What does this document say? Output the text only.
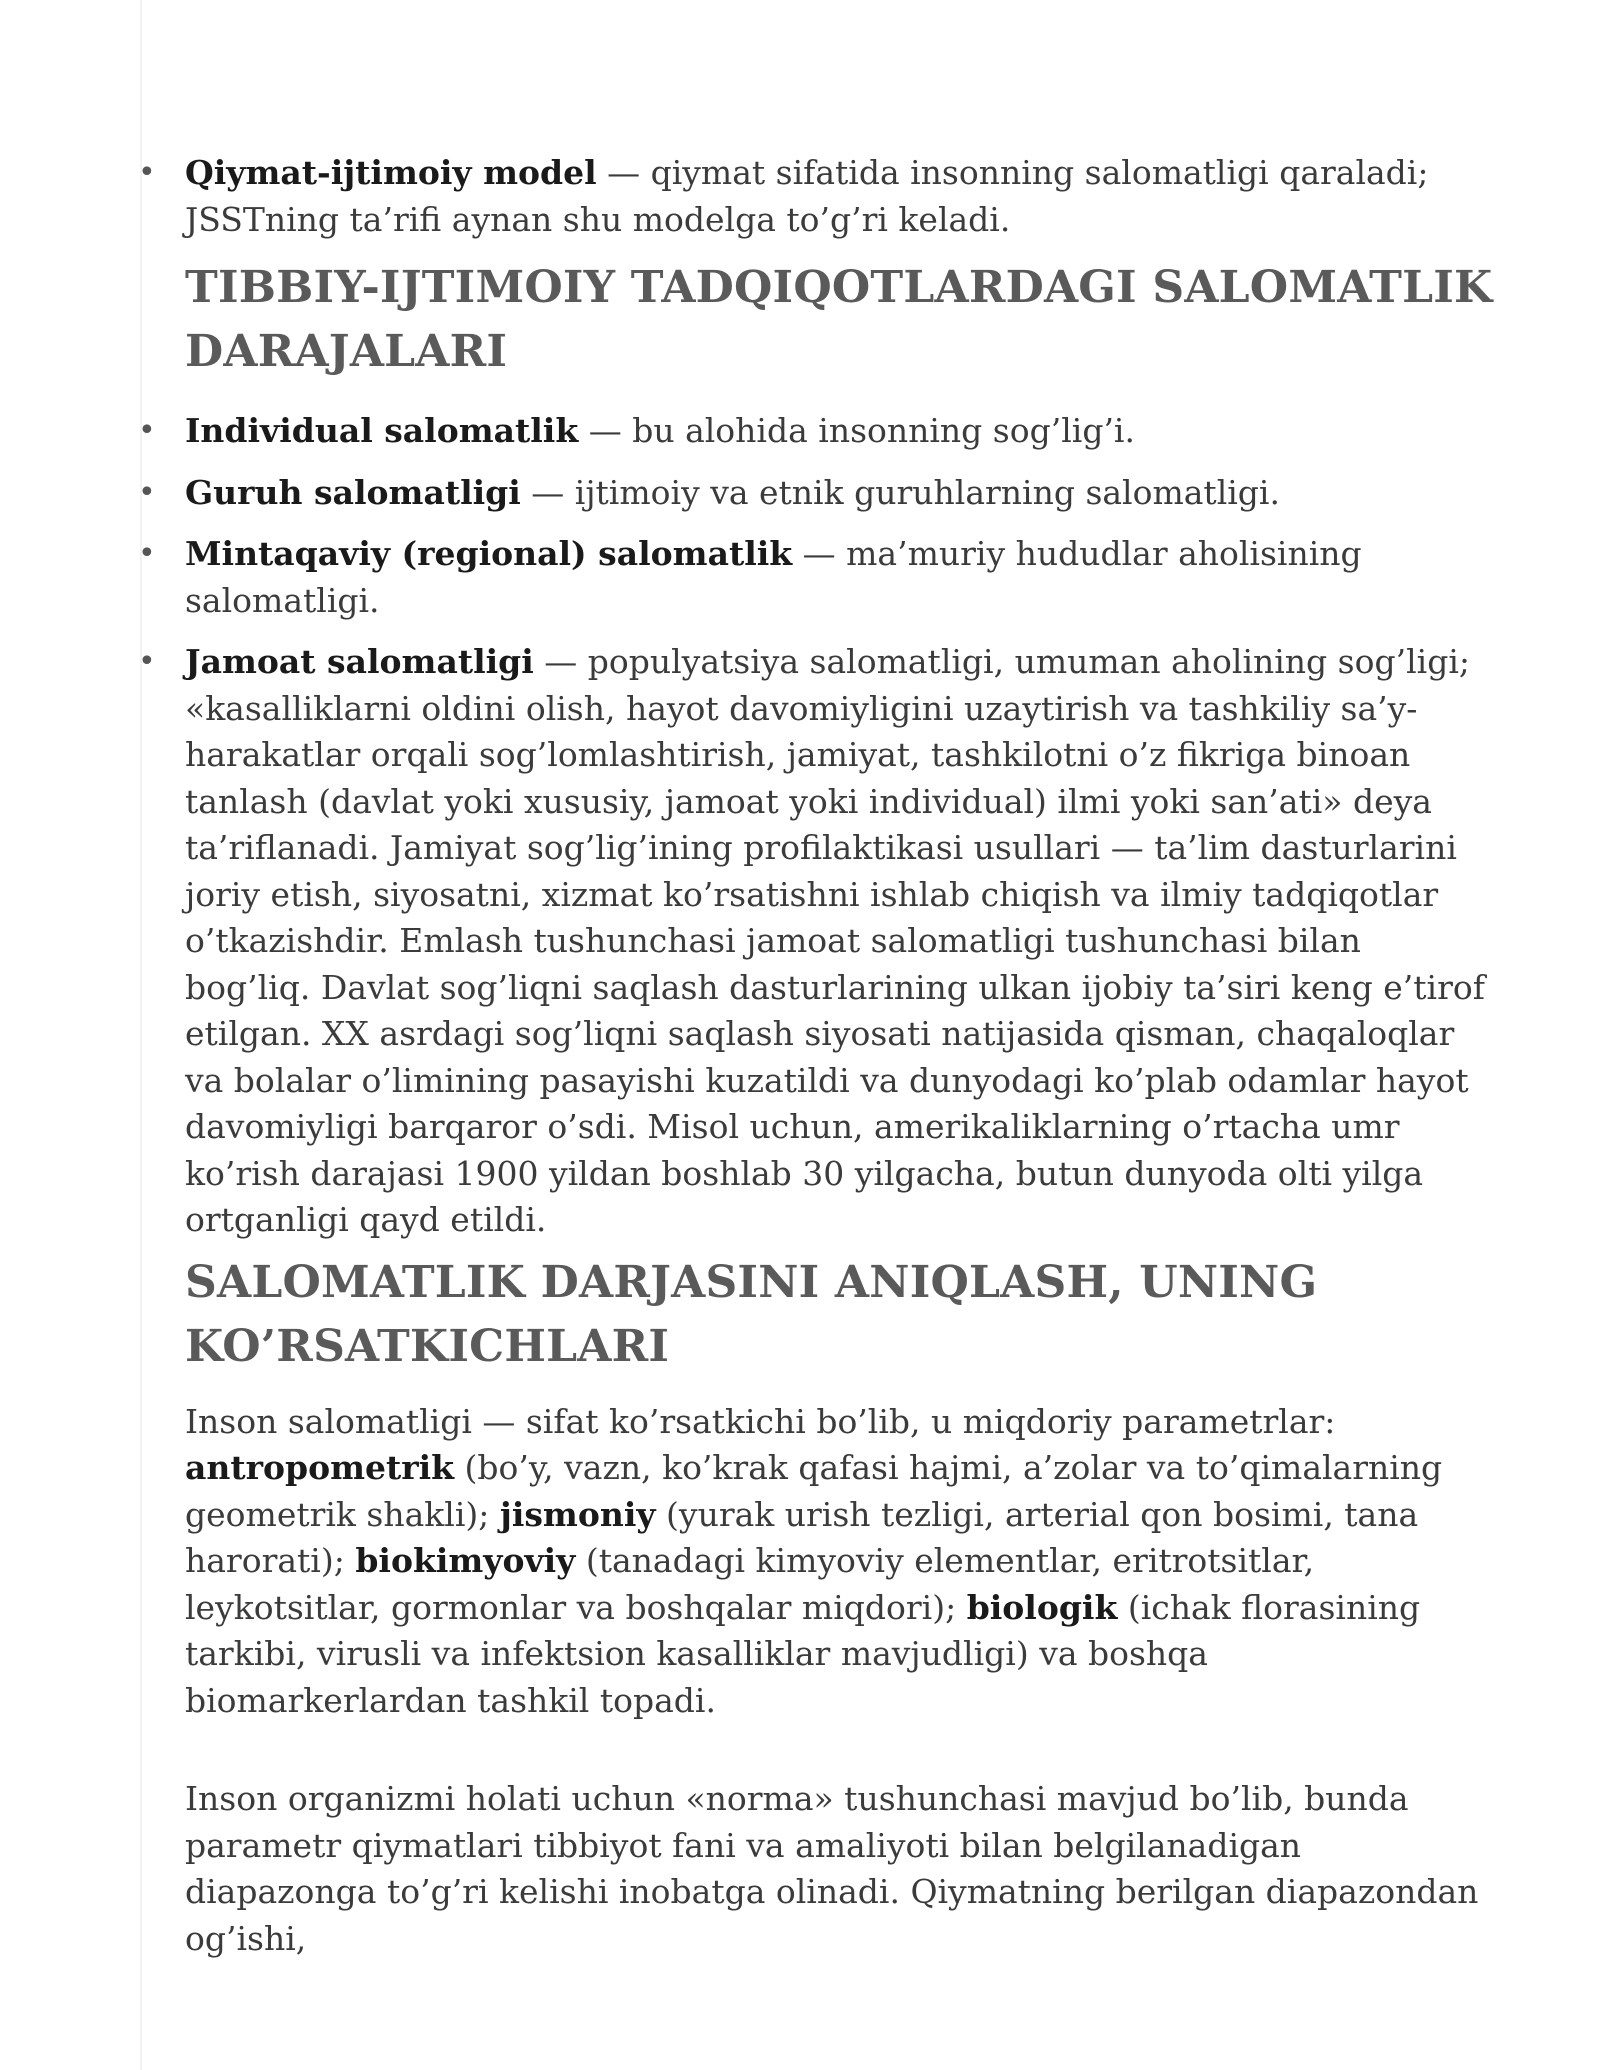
• Qiymat-ijtimoiy model — qiymat sifatida insonning salomatligi qaraladi; JSSTning ta’rifi aynan shu modelga to’g’ri keladi.
TIBBIY-IJTIMOIY TADQIQOTLARDAGI SALOMATLIK DARAJALARI
• Individual salomatlik — bu alohida insonning sog’lig’i.
• Guruh salomatligi — ijtimoiy va etnik guruhlarning salomatligi.
• Mintaqaviy (regional) salomatlik — ma’muriy hududlar aholisining salomatligi.
• Jamoat salomatligi — populyatsiya salomatligi, umuman aholining sog’ligi; «kasalliklarni oldini olish, hayot davomiyligini uzaytirish va tashkiliy sa’y-harakatlar orqali sog’lomlashtirish, jamiyat, tashkilotni o’z fikriga binoan tanlash (davlat yoki xususiy, jamoat yoki individual) ilmi yoki san’ati» deya ta’riflanadi. Jamiyat sog’lig’ining profilaktikasi usullari — ta’lim dasturlarini joriy etish, siyosatni, xizmat ko’rsatishni ishlab chiqish va ilmiy tadqiqotlar o’tkazishdir. Emlash tushunchasi jamoat salomatligi tushunchasi bilan bog’liq. Davlat sog’liqni saqlash dasturlarining ulkan ijobiy ta’siri keng e’tirof etilgan. XX asrdagi sog’liqni saqlash siyosati natijasida qisman, chaqaloqlar va bolalar o’limining pasayishi kuzatildi va dunyodagi ko’plab odamlar hayot davomiyligi barqaror o’sdi. Misol uchun, amerikaliklarning o’rtacha umr ko’rish darajasi 1900 yildan boshlab 30 yilgacha, butun dunyoda olti yilga ortganligi qayd etildi.
SALOMATLIK DARJASINI ANIQLASH, UNING KO’RSATKICHLARI

Inson salomatligi — sifat ko’rsatkichi bo’lib, u miqdoriy parametrlar: antropometrik (bo’y, vazn, ko’krak qafasi hajmi, a’zolar va to’qimalarning geometrik shakli); jismoniy (yurak urish tezligi, arterial qon bosimi, tana harorati); biokimyoviy (tanadagi kimyoviy elementlar, eritrotsitlar, leykotsitlar, gormonlar va boshqalar miqdori); biologik (ichak florasining tarkibi, virusli va infektsion kasalliklar mavjudligi) va boshqa biomarkerlardan tashkil topadi.

Inson organizmi holati uchun «norma» tushunchasi mavjud bo’lib, bunda parametr qiymatlari tibbiyot fani va amaliyoti bilan belgilanadigan diapazonga to’g’ri kelishi inobatga olinadi. Qiymatning berilgan diapazondan og’ishi,
